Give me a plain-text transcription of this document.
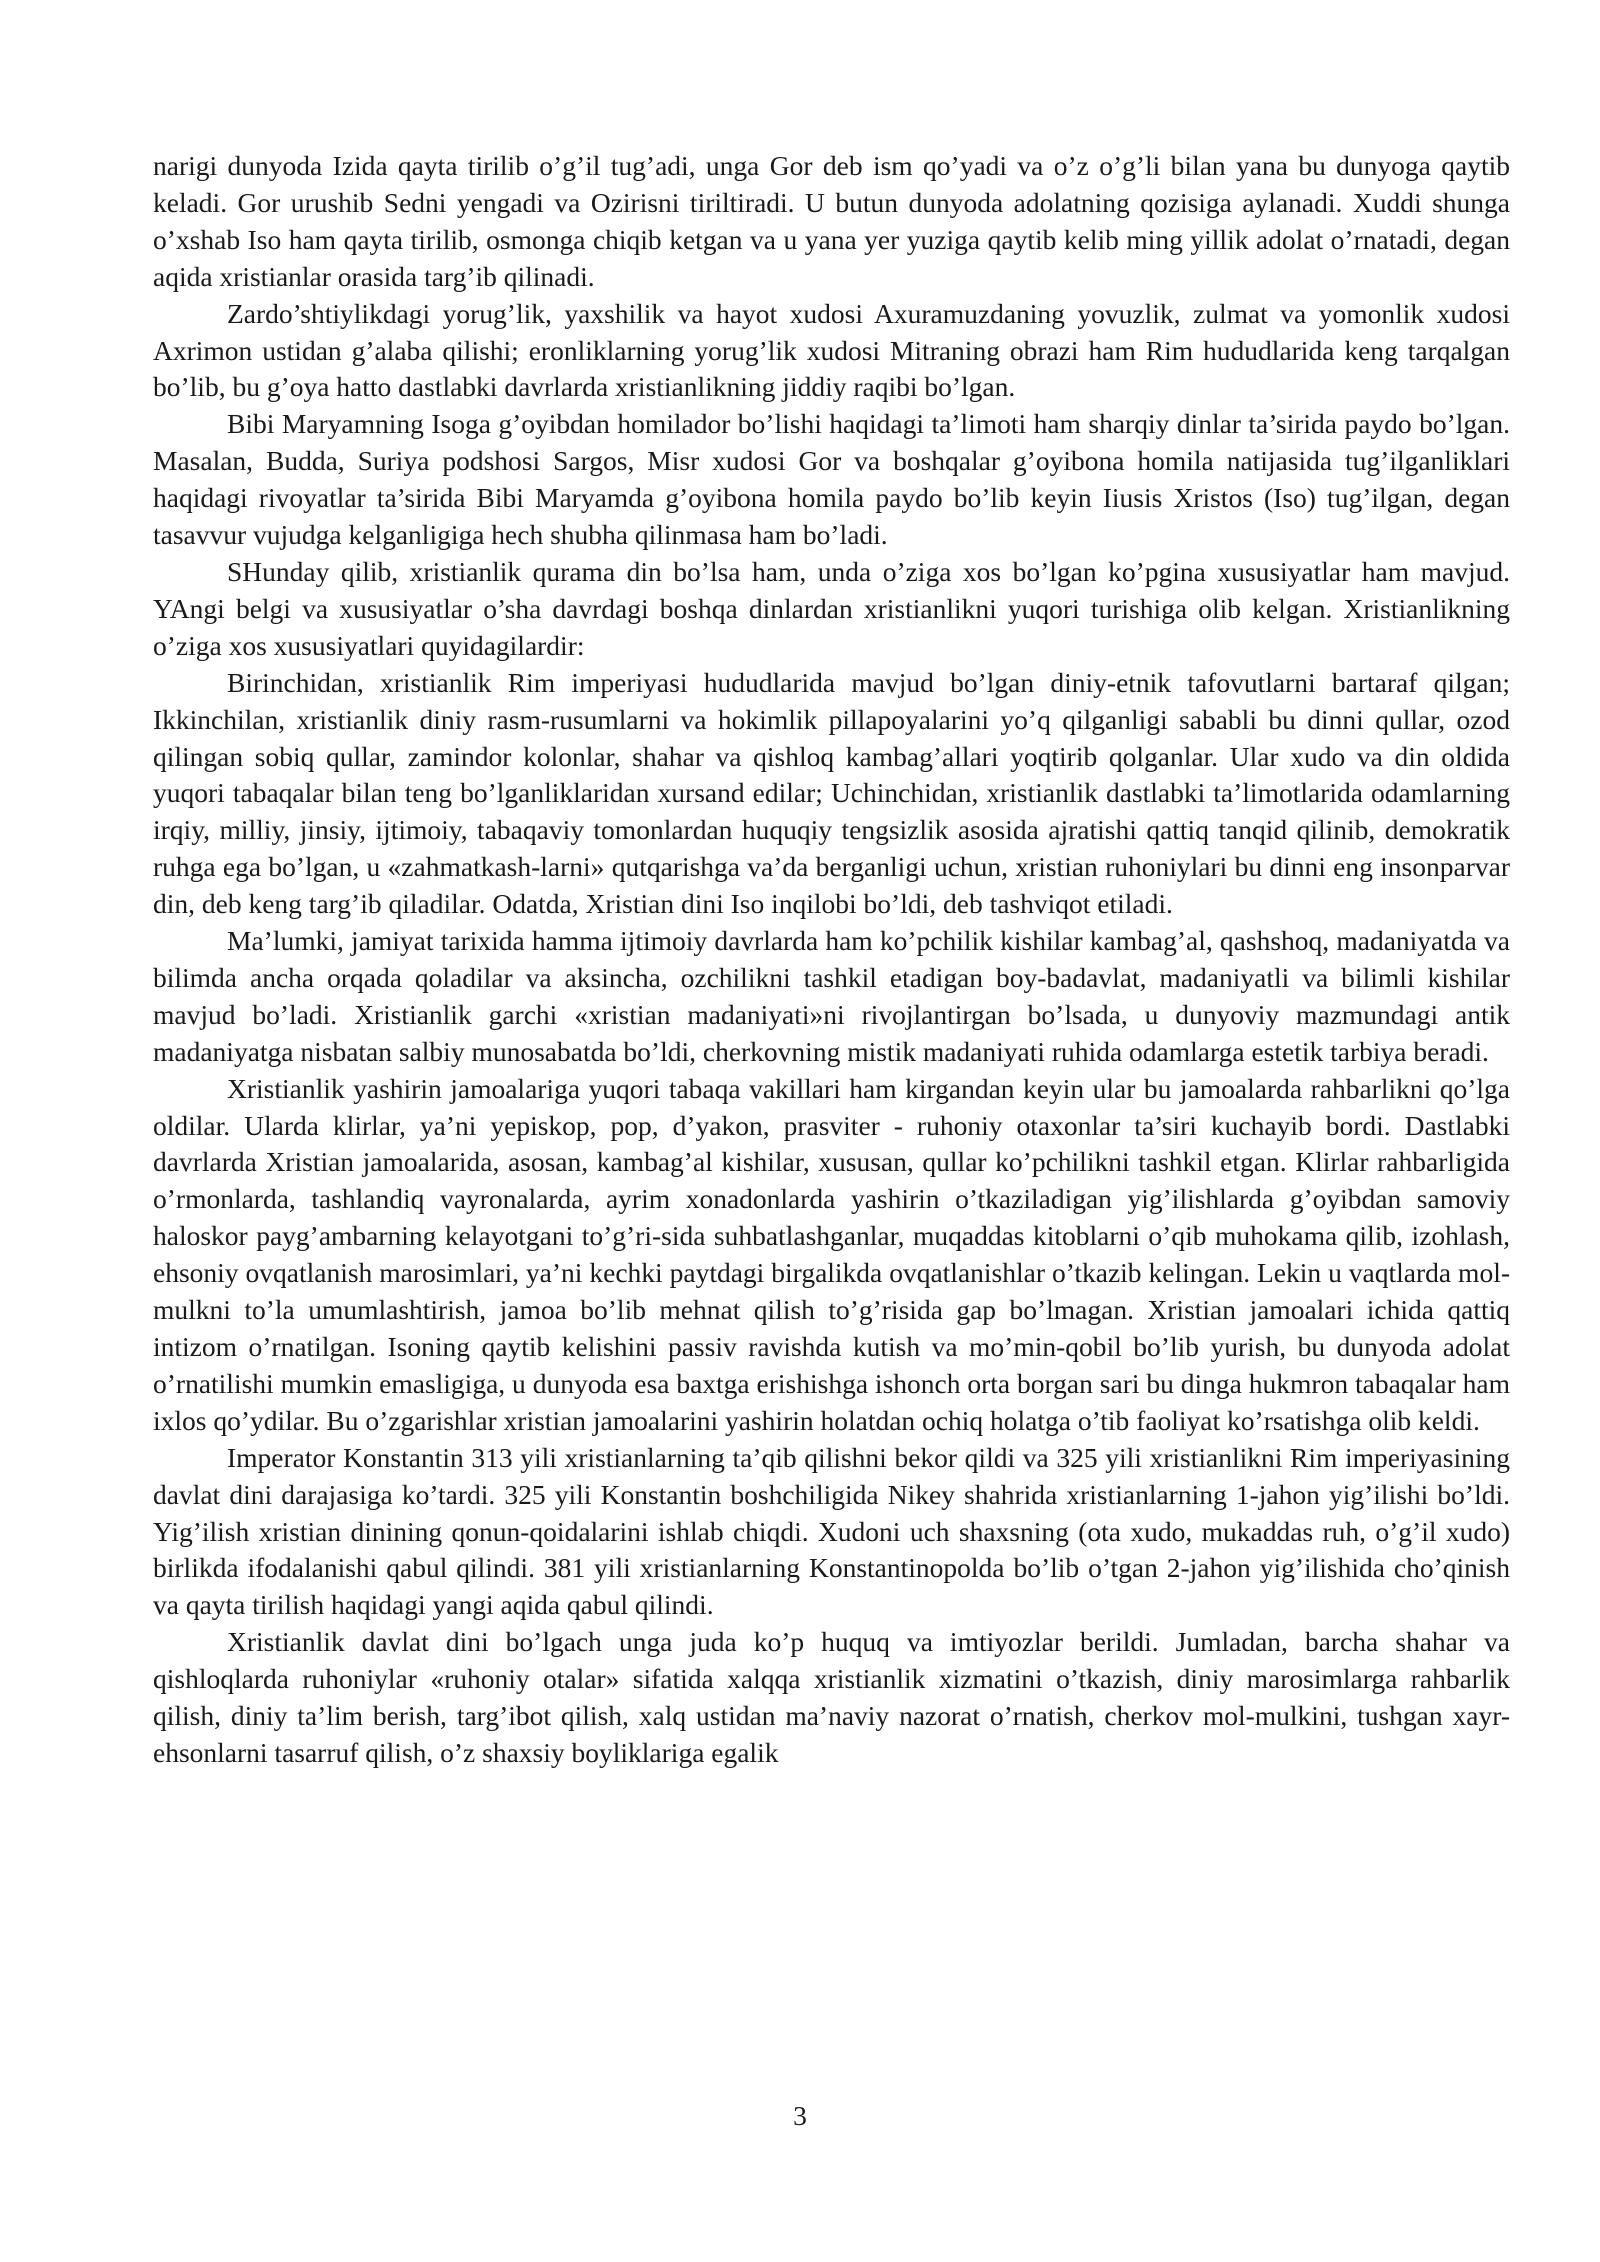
narigi dunyoda Izida qayta tirilib o’g’il tug’adi, unga Gor deb ism qo’yadi va o’z o’g’li bilan yana bu dunyoga qaytib keladi. Gor urushib Sedni yengadi va Ozirisni tiriltiradi. U butun dunyoda adolatning qozisiga aylanadi. Xuddi shunga o’xshab Iso ham qayta tirilib, osmonga chiqib ketgan va u yana yer yuziga qaytib kelib ming yillik adolat o’rnatadi, degan aqida xristianlar orasida targ’ib qilinadi.

Zardo’shtiylikdagi yorug’lik, yaxshilik va hayot xudosi Axuramuzdaning yovuzlik, zulmat va yomonlik xudosi Axrimon ustidan g’alaba qilishi; eronliklarning yorug’lik xudosi Mitraning obrazi ham Rim hududlarida keng tarqalgan bo’lib, bu g’oya hatto dastlabki davrlarda xristianlikning jiddiy raqibi bo’lgan.

Bibi Maryamning Isoga g’oyibdan homilador bo’lishi haqidagi ta’limoti ham sharqiy dinlar ta’sirida paydo bo’lgan. Masalan, Budda, Suriya podshosi Sargos, Misr xudosi Gor va boshqalar g’oyibona homila natijasida tug’ilganliklari haqidagi rivoyatlar ta’sirida Bibi Maryamda g’oyibona homila paydo bo’lib keyin Iiusis Xristos (Iso) tug’ilgan, degan tasavvur vujudga kelganligiga hech shubha qilinmasa ham bo’ladi.

SHunday qilib, xristianlik qurama din bo’lsa ham, unda o’ziga xos bo’lgan ko’pgina xususiyatlar ham mavjud. YAngi belgi va xususiyatlar o’sha davrdagi boshqa dinlardan xristianlikni yuqori turishiga olib kelgan. Xristianlikning o’ziga xos xususiyatlari quyidagilardir:

Birinchidan, xristianlik Rim imperiyasi hududlarida mavjud bo’lgan diniy-etnik tafovutlarni bartaraf qilgan; Ikkinchilan, xristianlik diniy rasm-rusumlarni va hokimlik pillapoyalarini yo’q qilganligi sababli bu dinni qullar, ozod qilingan sobiq qullar, zamindor kolonlar, shahar va qishloq kambag’allari yoqtirib qolganlar. Ular xudo va din oldida yuqori tabaqalar bilan teng bo’lganliklaridan xursand edilar; Uchinchidan, xristianlik dastlabki ta’limotlarida odamlarning irqiy, milliy, jinsiy, ijtimoiy, tabaqaviy tomonlardan huquqiy tengsizlik asosida ajratishi qattiq tanqid qilinib, demokratik ruhga ega bo’lgan, u «zahmatkash-larni» qutqarishga va’da berganligi uchun, xristian ruhoniylari bu dinni eng insonparvar din, deb keng targ’ib qiladilar. Odatda, Xristian dini Iso inqilobi bo’ldi, deb tashviqot etiladi.

Ma’lumki, jamiyat tarixida hamma ijtimoiy davrlarda ham ko’pchilik kishilar kambag’al, qashshoq, madaniyatda va bilimda ancha orqada qoladilar va aksincha, ozchilikni tashkil etadigan boy-badavlat, madaniyatli va bilimli kishilar mavjud bo’ladi. Xristianlik garchi «xristian madaniyati»ni rivojlantirgan bo’lsada, u dunyoviy mazmundagi antik madaniyatga nisbatan salbiy munosabatda bo’ldi, cherkovning mistik madaniyati ruhida odamlarga estetik tarbiya beradi.

Xristianlik yashirin jamoalariga yuqori tabaqa vakillari ham kirgandan keyin ular bu jamoalarda rahbarlikni qo’lga oldilar. Ularda klirlar, ya’ni yepiskop, pop, d’yakon, prasviter - ruhoniy otaxonlar ta’siri kuchayib bordi. Dastlabki davrlarda Xristian jamoalarida, asosan, kambag’al kishilar, xususan, qullar ko’pchilikni tashkil etgan. Klirlar rahbarligida o’rmonlarda, tashlandiq vayronalarda, ayrim xonadonlarda yashirin o’tkaziladigan yig’ilishlarda g’oyibdan samoviy haloskor payg’ambarning kelayotgani to’g’ri-sida suhbatlashganlar, muqaddas kitoblarni o’qib muhokama qilib, izohlash, ehsoniy ovqatlanish marosimlari, ya’ni kechki paytdagi birgalikda ovqatlanishlar o’tkazib kelingan. Lekin u vaqtlarda mol-mulkni to’la umumlashtirish, jamoa bo’lib mehnat qilish to’g’risida gap bo’lmagan. Xristian jamoalari ichida qattiq intizom o’rnatilgan. Isoning qaytib kelishini passiv ravishda kutish va mo’min-qobil bo’lib yurish, bu dunyoda adolat o’rnatilishi mumkin emasligiga, u dunyoda esa baxtga erishishga ishonch orta borgan sari bu dinga hukmron tabaqalar ham ixlos qo’ydilar. Bu o’zgarishlar xristian jamoalarini yashirin holatdan ochiq holatga o’tib faoliyat ko’rsatishga olib keldi.

Imperator Konstantin 313 yili xristianlarning ta’qib qilishni bekor qildi va 325 yili xristianlikni Rim imperiyasining davlat dini darajasiga ko’tardi. 325 yili Konstantin boshchiligida Nikey shahrida xristianlarning 1-jahon yig’ilishi bo’ldi. Yig’ilish xristian dinining qonun-qoidalarini ishlab chiqdi. Xudoni uch shaxsning (ota xudo, mukaddas ruh, o’g’il xudo) birlikda ifodalanishi qabul qilindi. 381 yili xristianlarning Konstantinopolda bo’lib o’tgan 2-jahon yig’ilishida cho’qinish va qayta tirilish haqidagi yangi aqida qabul qilindi.

Xristianlik davlat dini bo’lgach unga juda ko’p huquq va imtiyozlar berildi. Jumladan, barcha shahar va qishloqlarda ruhoniylar «ruhoniy otalar» sifatida xalqqa xristianlik xizmatini o’tkazish, diniy marosimlarga rahbarlik qilish, diniy ta’lim berish, targ’ibot qilish, xalq ustidan ma’naviy nazorat o’rnatish, cherkov mol-mulkini, tushgan xayr-ehsonlarni tasarruf qilish, o’z shaxsiy boyliklariga egalik

3
